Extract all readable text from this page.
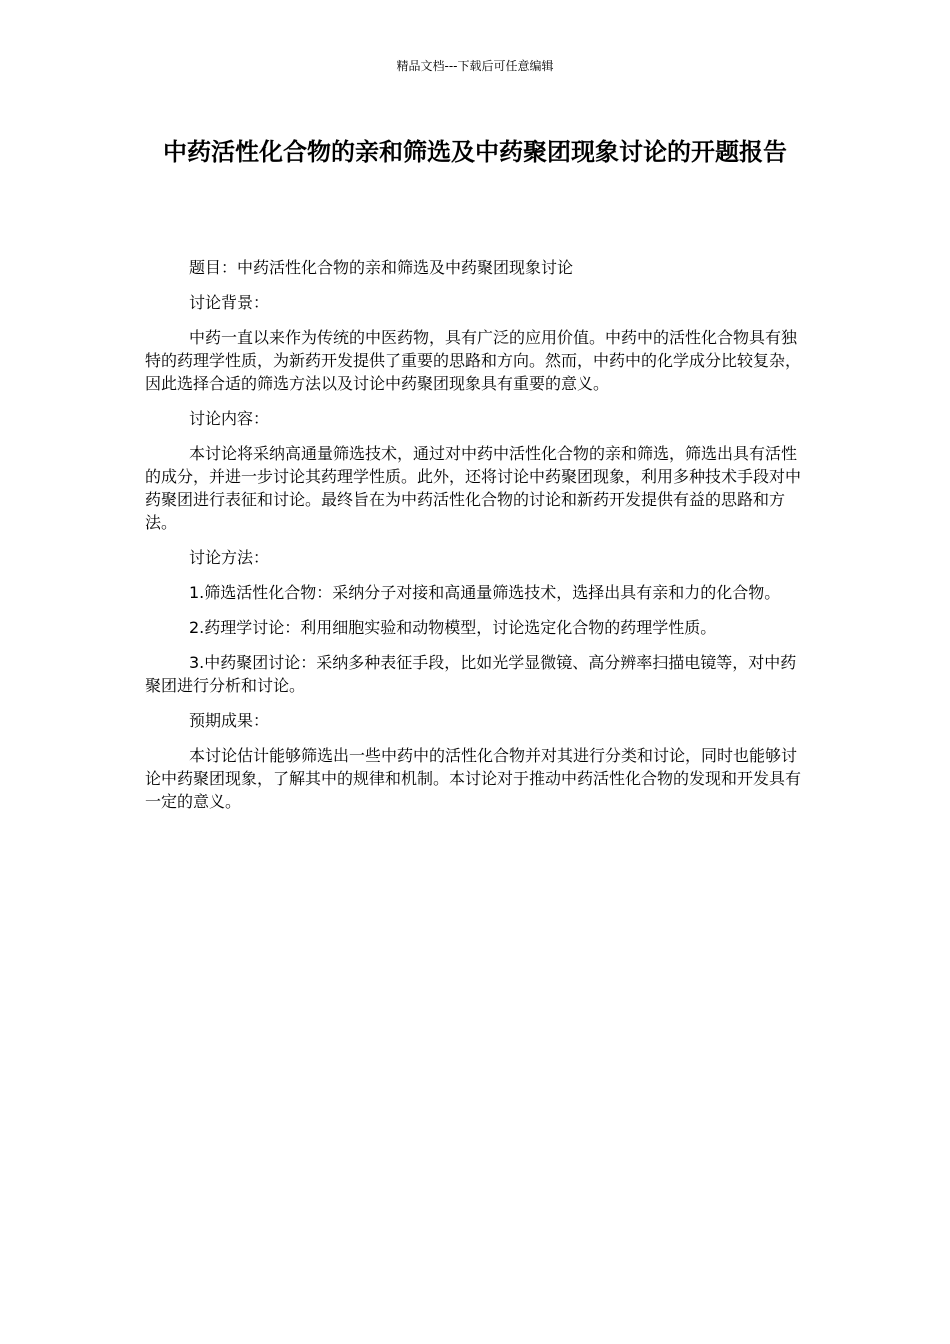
精品文档---下载后可任意编辑
中药活性化合物的亲和筛选及中药聚团现象讨论的开题报告

题目：中药活性化合物的亲和筛选及中药聚团现象讨论

讨论背景：

中药一直以来作为传统的中医药物，具有广泛的应用价值。中药中的活性化合物具有独特的药理学性质，为新药开发提供了重要的思路和方向。然而，中药中的化学成分比较复杂，因此选择合适的筛选方法以及讨论中药聚团现象具有重要的意义。

讨论内容：

本讨论将采纳高通量筛选技术，通过对中药中活性化合物的亲和筛选，筛选出具有活性的成分，并进一步讨论其药理学性质。此外，还将讨论中药聚团现象，利用多种技术手段对中药聚团进行表征和讨论。最终旨在为中药活性化合物的讨论和新药开发提供有益的思路和方法。

讨论方法：

1.筛选活性化合物：采纳分子对接和高通量筛选技术，选择出具有亲和力的化合物。

2.药理学讨论：利用细胞实验和动物模型，讨论选定化合物的药理学性质。

3.中药聚团讨论：采纳多种表征手段，比如光学显微镜、高分辨率扫描电镜等，对中药聚团进行分析和讨论。

预期成果：

本讨论估计能够筛选出一些中药中的活性化合物并对其进行分类和讨论，同时也能够讨论中药聚团现象，了解其中的规律和机制。本讨论对于推动中药活性化合物的发现和开发具有一定的意义。
